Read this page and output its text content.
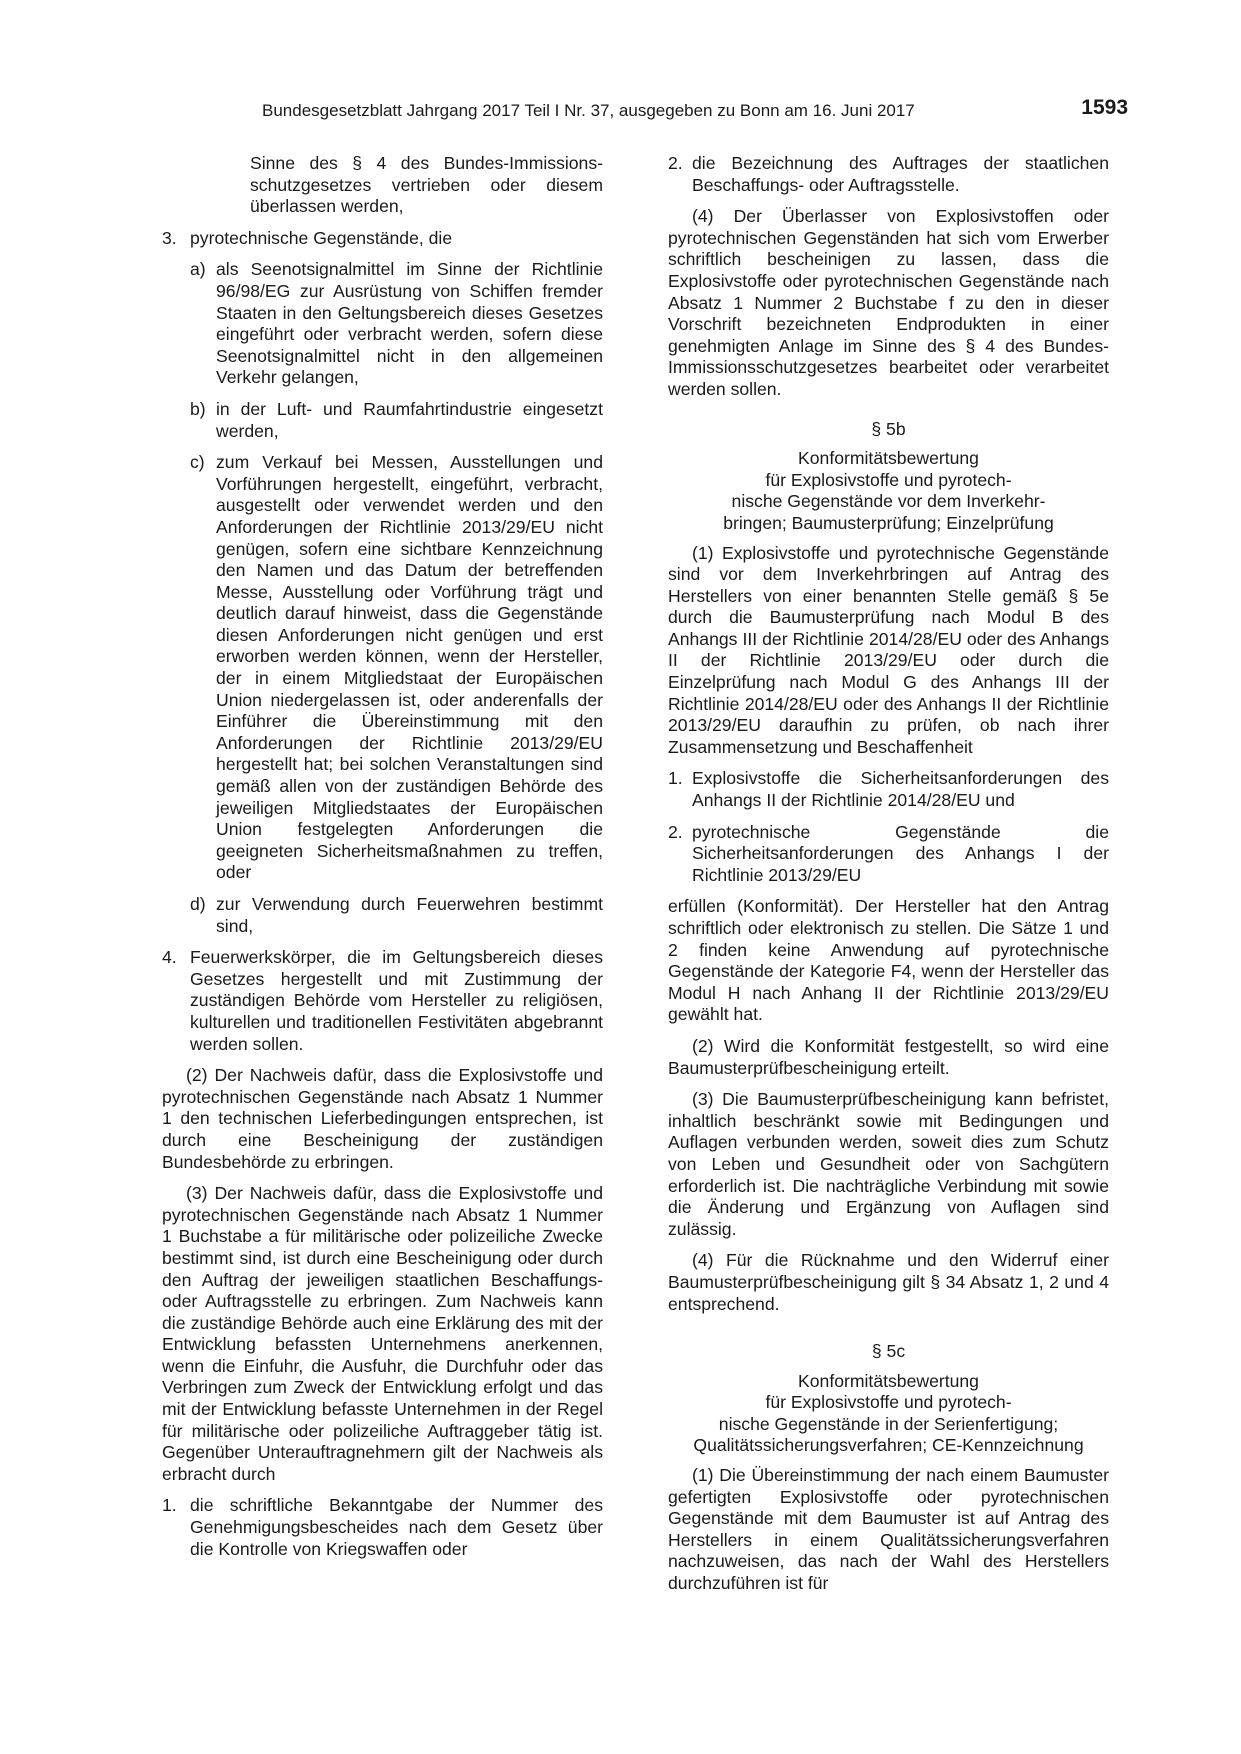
Bundesgesetzblatt Jahrgang 2017 Teil I Nr. 37, ausgegeben zu Bonn am 16. Juni 2017	1593

Sinne des § 4 des Bundes-Immissionsschutzgesetzes vertrieben oder diesem überlassen werden,

3. pyrotechnische Gegenstände, die
a) als Seenotsignalmittel im Sinne der Richtlinie 96/98/EG zur Ausrüstung von Schiffen fremder Staaten in den Geltungsbereich dieses Gesetzes eingeführt oder verbracht werden, sofern diese Seenotsignalmittel nicht in den allgemeinen Verkehr gelangen,
b) in der Luft- und Raumfahrtindustrie eingesetzt werden,
c) zum Verkauf bei Messen, Ausstellungen und Vorführungen hergestellt, eingeführt, verbracht, ausgestellt oder verwendet werden und den Anforderungen der Richtlinie 2013/29/EU nicht genügen, sofern eine sichtbare Kennzeichnung den Namen und das Datum der betreffenden Messe, Ausstellung oder Vorführung trägt und deutlich darauf hinweist, dass die Gegenstände diesen Anforderungen nicht genügen und erst erworben werden können, wenn der Hersteller, der in einem Mitgliedstaat der Europäischen Union niedergelassen ist, oder anderenfalls der Einführer die Übereinstimmung mit den Anforderungen der Richtlinie 2013/29/EU hergestellt hat; bei solchen Veranstaltungen sind gemäß allen von der zuständigen Behörde des jeweiligen Mitgliedstaates der Europäischen Union festgelegten Anforderungen die geeigneten Sicherheitsmaßnahmen zu treffen, oder
d) zur Verwendung durch Feuerwehren bestimmt sind,
4. Feuerwerkskörper, die im Geltungsbereich dieses Gesetzes hergestellt und mit Zustimmung der zuständigen Behörde vom Hersteller zu religiösen, kulturellen und traditionellen Festivitäten abgebrannt werden sollen.

(2) Der Nachweis dafür, dass die Explosivstoffe und pyrotechnischen Gegenstände nach Absatz 1 Nummer 1 den technischen Lieferbedingungen entsprechen, ist durch eine Bescheinigung der zuständigen Bundesbehörde zu erbringen.

(3) Der Nachweis dafür, dass die Explosivstoffe und pyrotechnischen Gegenstände nach Absatz 1 Nummer 1 Buchstabe a für militärische oder polizeiliche Zwecke bestimmt sind, ist durch eine Bescheinigung oder durch den Auftrag der jeweiligen staatlichen Beschaffungs- oder Auftragsstelle zu erbringen. Zum Nachweis kann die zuständige Behörde auch eine Erklärung des mit der Entwicklung befassten Unternehmens anerkennen, wenn die Einfuhr, die Ausfuhr, die Durchfuhr oder das Verbringen zum Zweck der Entwicklung erfolgt und das mit der Entwicklung befasste Unternehmen in der Regel für militärische oder polizeiliche Auftraggeber tätig ist. Gegenüber Unterauftragnehmern gilt der Nachweis als erbracht durch

1. die schriftliche Bekanntgabe der Nummer des Genehmigungsbescheides nach dem Gesetz über die Kontrolle von Kriegswaffen oder
2. die Bezeichnung des Auftrages der staatlichen Beschaffungs- oder Auftragsstelle.

(4) Der Überlasser von Explosivstoffen oder pyrotechnischen Gegenständen hat sich vom Erwerber schriftlich bescheinigen zu lassen, dass die Explosivstoffe oder pyrotechnischen Gegenstände nach Absatz 1 Nummer 2 Buchstabe f zu den in dieser Vorschrift bezeichneten Endprodukten in einer genehmigten Anlage im Sinne des § 4 des Bundes-Immissionsschutzgesetzes bearbeitet oder verarbeitet werden sollen.

§ 5b
Konformitätsbewertung
für Explosivstoffe und pyrotech-
nische Gegenstände vor dem Inverkehr-
bringen; Baumusterprüfung; Einzelprüfung

(1) Explosivstoffe und pyrotechnische Gegenstände sind vor dem Inverkehrbringen auf Antrag des Herstellers von einer benannten Stelle gemäß § 5e durch die Baumusterprüfung nach Modul B des Anhangs III der Richtlinie 2014/28/EU oder des Anhangs II der Richtlinie 2013/29/EU oder durch die Einzelprüfung nach Modul G des Anhangs III der Richtlinie 2014/28/EU oder des Anhangs II der Richtlinie 2013/29/EU daraufhin zu prüfen, ob nach ihrer Zusammensetzung und Beschaffenheit

1. Explosivstoffe die Sicherheitsanforderungen des Anhangs II der Richtlinie 2014/28/EU und
2. pyrotechnische Gegenstände die Sicherheitsanforderungen des Anhangs I der Richtlinie 2013/29/EU

erfüllen (Konformität). Der Hersteller hat den Antrag schriftlich oder elektronisch zu stellen. Die Sätze 1 und 2 finden keine Anwendung auf pyrotechnische Gegenstände der Kategorie F4, wenn der Hersteller das Modul H nach Anhang II der Richtlinie 2013/29/EU gewählt hat.

(2) Wird die Konformität festgestellt, so wird eine Baumusterprüfbescheinigung erteilt.

(3) Die Baumusterprüfbescheinigung kann befristet, inhaltlich beschränkt sowie mit Bedingungen und Auflagen verbunden werden, soweit dies zum Schutz von Leben und Gesundheit oder von Sachgütern erforderlich ist. Die nachträgliche Verbindung mit sowie die Änderung und Ergänzung von Auflagen sind zulässig.

(4) Für die Rücknahme und den Widerruf einer Baumusterprüfbescheinigung gilt § 34 Absatz 1, 2 und 4 entsprechend.

§ 5c
Konformitätsbewertung
für Explosivstoffe und pyrotech-
nische Gegenstände in der Serienfertigung;
Qualitätssicherungsverfahren; CE-Kennzeichnung

(1) Die Übereinstimmung der nach einem Baumuster gefertigten Explosivstoffe oder pyrotechnischen Gegenstände mit dem Baumuster ist auf Antrag des Herstellers in einem Qualitätssicherungsverfahren nachzuweisen, das nach der Wahl des Herstellers durchzuführen ist für
